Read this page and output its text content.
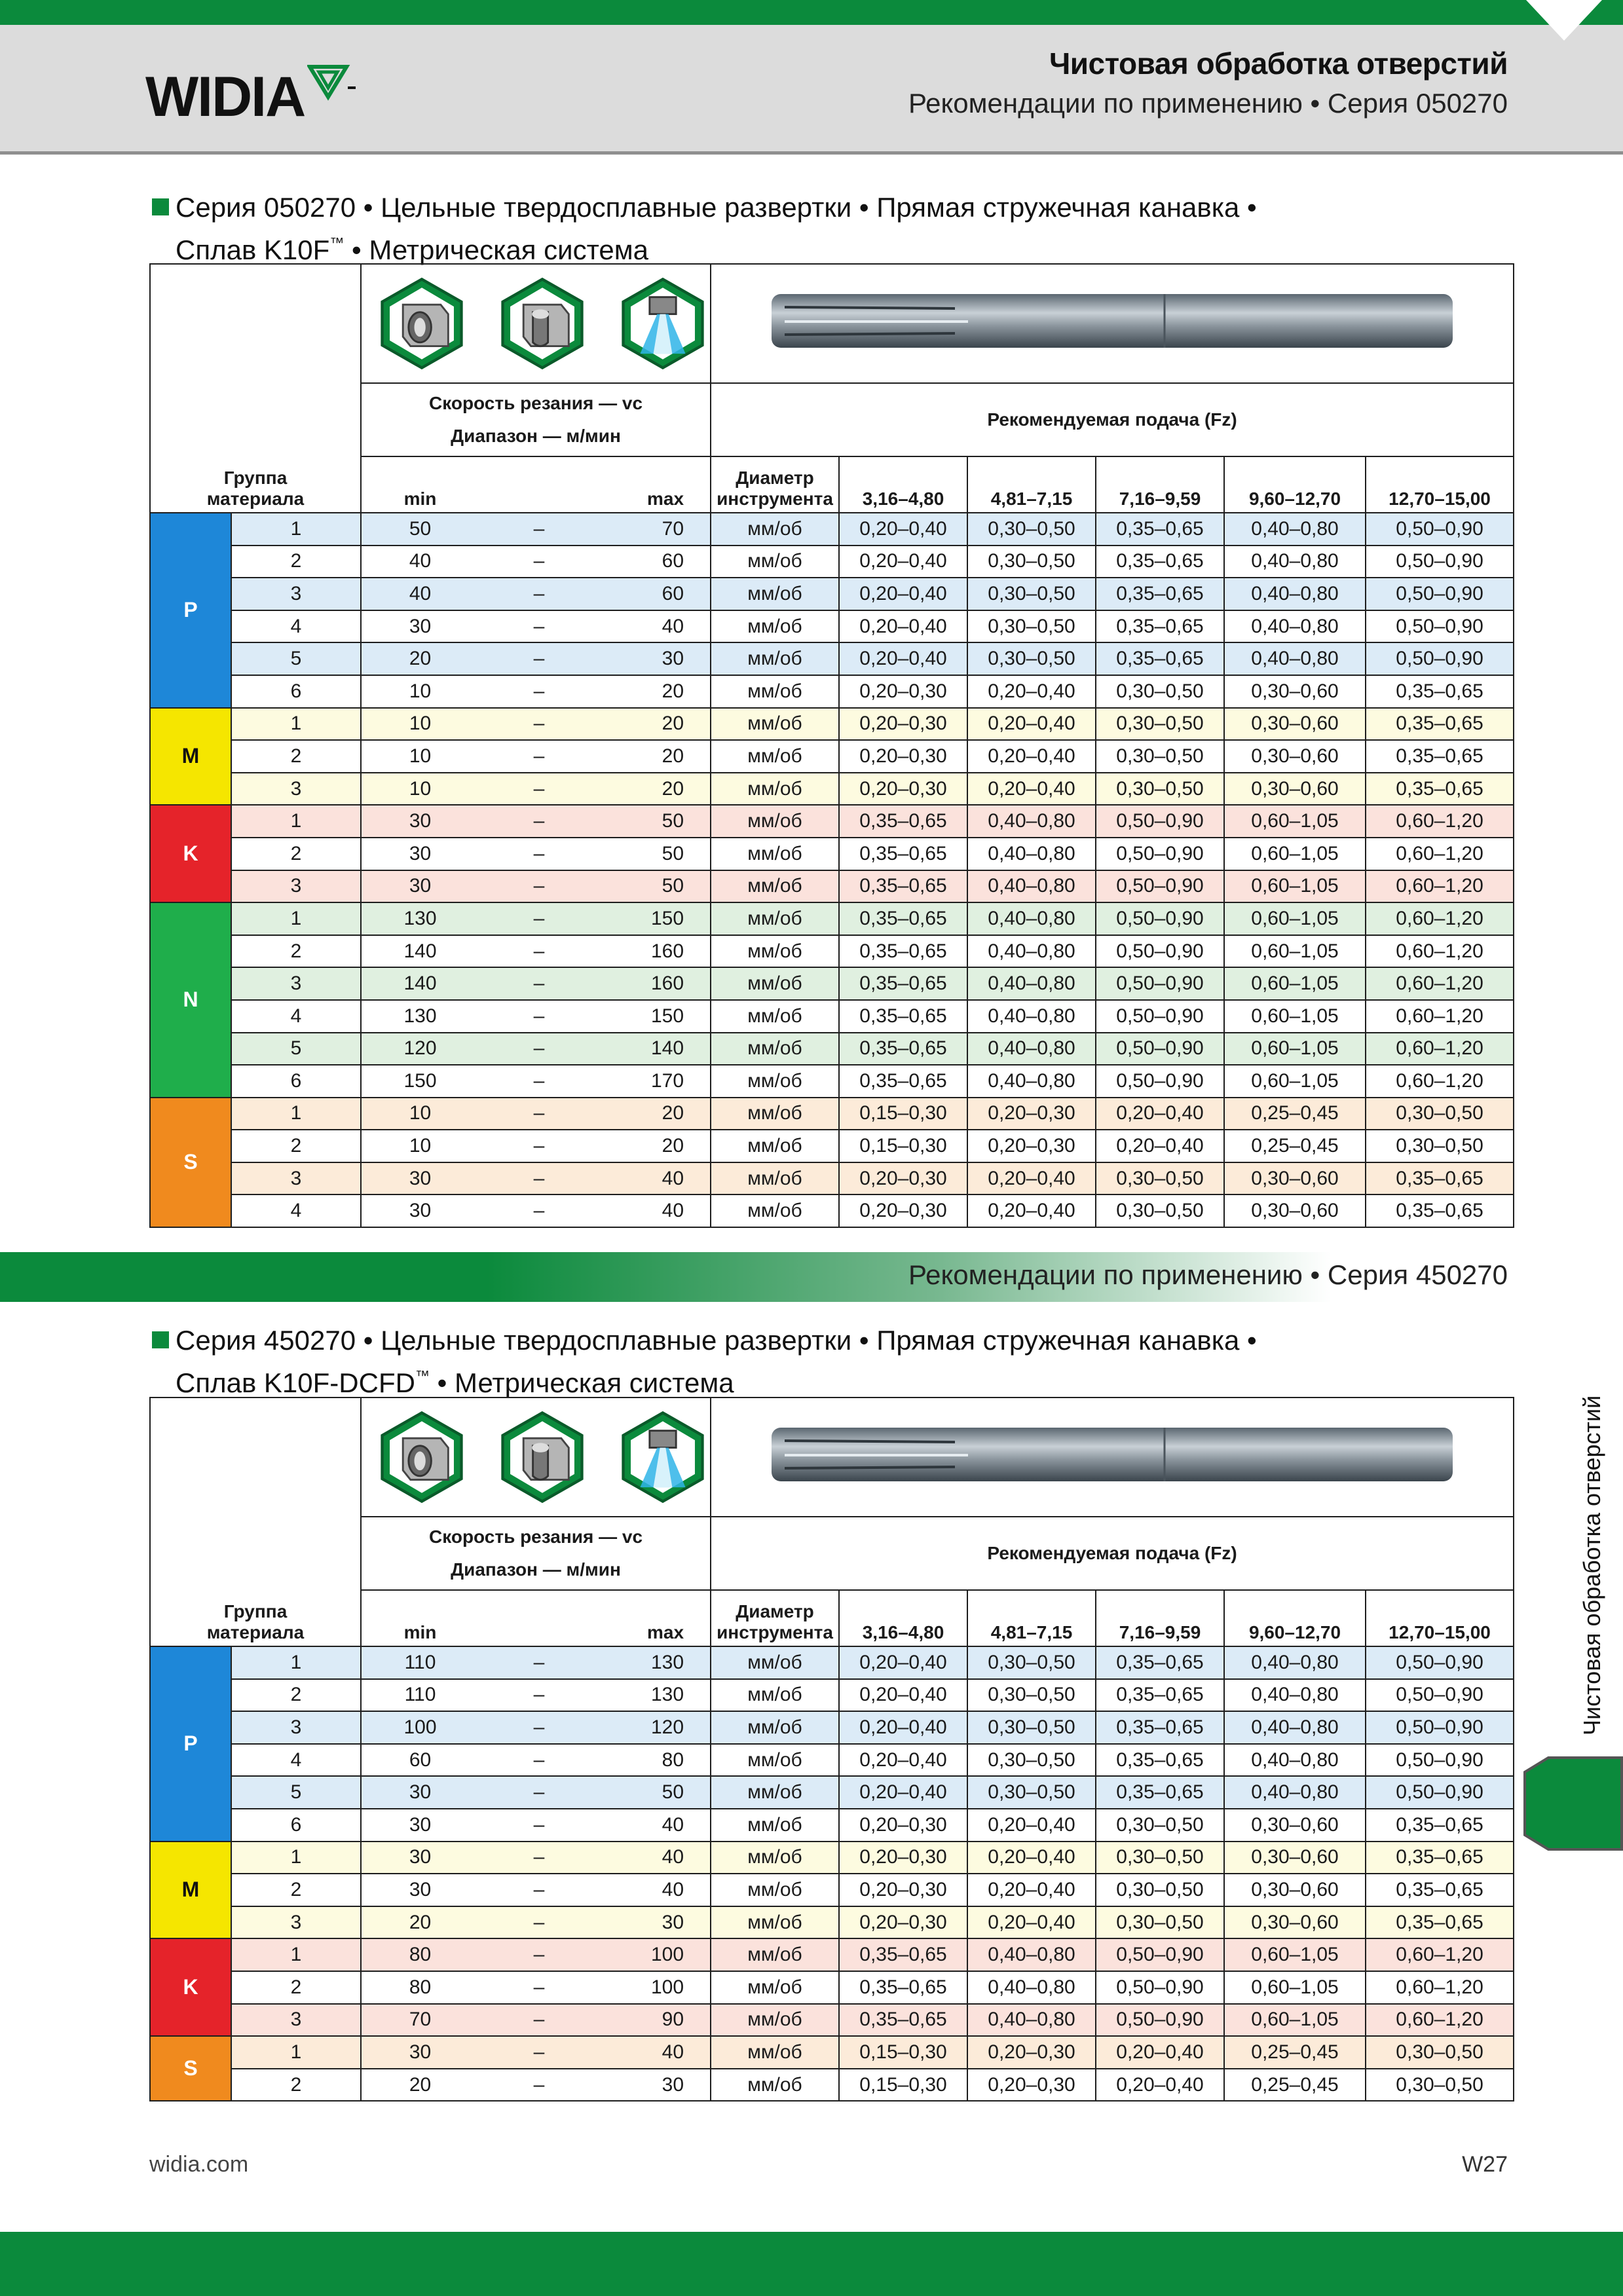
WIDIA
Чистовая обработка отверстий
Рекомендации по применению • Серия 050270
Серия 050270 • Цельные твердосплавные развертки • Прямая стружечная канавка •
Сплав K10F™ • Метрическая система
Группа
материала

		Скорость резания — vc
Диапазон — м/мин			Рекомендуемая подача (Fz)					
		min		max	Диаметр
инструмента	3,16–4,80	4,81–7,15	7,16–9,59	9,60–12,70	12,70–15,00
P	1	50	–	70	мм/об	0,20–0,40	0,30–0,50	0,35–0,65	0,40–0,80	0,50–0,90
	2	40	–	60	мм/об	0,20–0,40	0,30–0,50	0,35–0,65	0,40–0,80	0,50–0,90
	3	40	–	60	мм/об	0,20–0,40	0,30–0,50	0,35–0,65	0,40–0,80	0,50–0,90
	4	30	–	40	мм/об	0,20–0,40	0,30–0,50	0,35–0,65	0,40–0,80	0,50–0,90
	5	20	–	30	мм/об	0,20–0,40	0,30–0,50	0,35–0,65	0,40–0,80	0,50–0,90
	6	10	–	20	мм/об	0,20–0,30	0,20–0,40	0,30–0,50	0,30–0,60	0,35–0,65
M	1	10	–	20	мм/об	0,20–0,30	0,20–0,40	0,30–0,50	0,30–0,60	0,35–0,65
	2	10	–	20	мм/об	0,20–0,30	0,20–0,40	0,30–0,50	0,30–0,60	0,35–0,65
	3	10	–	20	мм/об	0,20–0,30	0,20–0,40	0,30–0,50	0,30–0,60	0,35–0,65
K	1	30	–	50	мм/об	0,35–0,65	0,40–0,80	0,50–0,90	0,60–1,05	0,60–1,20
	2	30	–	50	мм/об	0,35–0,65	0,40–0,80	0,50–0,90	0,60–1,05	0,60–1,20
	3	30	–	50	мм/об	0,35–0,65	0,40–0,80	0,50–0,90	0,60–1,05	0,60–1,20
N	1	130	–	150	мм/об	0,35–0,65	0,40–0,80	0,50–0,90	0,60–1,05	0,60–1,20
	2	140	–	160	мм/об	0,35–0,65	0,40–0,80	0,50–0,90	0,60–1,05	0,60–1,20
	3	140	–	160	мм/об	0,35–0,65	0,40–0,80	0,50–0,90	0,60–1,05	0,60–1,20
	4	130	–	150	мм/об	0,35–0,65	0,40–0,80	0,50–0,90	0,60–1,05	0,60–1,20
	5	120	–	140	мм/об	0,35–0,65	0,40–0,80	0,50–0,90	0,60–1,05	0,60–1,20
	6	150	–	170	мм/об	0,35–0,65	0,40–0,80	0,50–0,90	0,60–1,05	0,60–1,20
S	1	10	–	20	мм/об	0,15–0,30	0,20–0,30	0,20–0,40	0,25–0,45	0,30–0,50
	2	10	–	20	мм/об	0,15–0,30	0,20–0,30	0,20–0,40	0,25–0,45	0,30–0,50
	3	30	–	40	мм/об	0,20–0,30	0,20–0,40	0,30–0,50	0,30–0,60	0,35–0,65
	4	30	–	40	мм/об	0,20–0,30	0,20–0,40	0,30–0,50	0,30–0,60	0,35–0,65
Рекомендации по применению • Серия 450270
Серия 450270 • Цельные твердосплавные развертки • Прямая стружечная канавка •
Сплав K10F-DCFD™ • Метрическая система
Группа
материала

		Скорость резания — vc
Диапазон — м/мин			Рекомендуемая подача (Fz)					
		min		max	Диаметр
инструмента	3,16–4,80	4,81–7,15	7,16–9,59	9,60–12,70	12,70–15,00
P	1	110	–	130	мм/об	0,20–0,40	0,30–0,50	0,35–0,65	0,40–0,80	0,50–0,90
	2	110	–	130	мм/об	0,20–0,40	0,30–0,50	0,35–0,65	0,40–0,80	0,50–0,90
	3	100	–	120	мм/об	0,20–0,40	0,30–0,50	0,35–0,65	0,40–0,80	0,50–0,90
	4	60	–	80	мм/об	0,20–0,40	0,30–0,50	0,35–0,65	0,40–0,80	0,50–0,90
	5	30	–	50	мм/об	0,20–0,40	0,30–0,50	0,35–0,65	0,40–0,80	0,50–0,90
	6	30	–	40	мм/об	0,20–0,30	0,20–0,40	0,30–0,50	0,30–0,60	0,35–0,65
M	1	30	–	40	мм/об	0,20–0,30	0,20–0,40	0,30–0,50	0,30–0,60	0,35–0,65
	2	30	–	40	мм/об	0,20–0,30	0,20–0,40	0,30–0,50	0,30–0,60	0,35–0,65
	3	20	–	30	мм/об	0,20–0,30	0,20–0,40	0,30–0,50	0,30–0,60	0,35–0,65
K	1	80	–	100	мм/об	0,35–0,65	0,40–0,80	0,50–0,90	0,60–1,05	0,60–1,20
	2	80	–	100	мм/об	0,35–0,65	0,40–0,80	0,50–0,90	0,60–1,05	0,60–1,20
	3	70	–	90	мм/об	0,35–0,65	0,40–0,80	0,50–0,90	0,60–1,05	0,60–1,20
S	1	30	–	40	мм/об	0,15–0,30	0,20–0,30	0,20–0,40	0,25–0,45	0,30–0,50
	2	20	–	30	мм/об	0,15–0,30	0,20–0,30	0,20–0,40	0,25–0,45	0,30–0,50
Чистовая обработка отверстий
widia.com	W27
